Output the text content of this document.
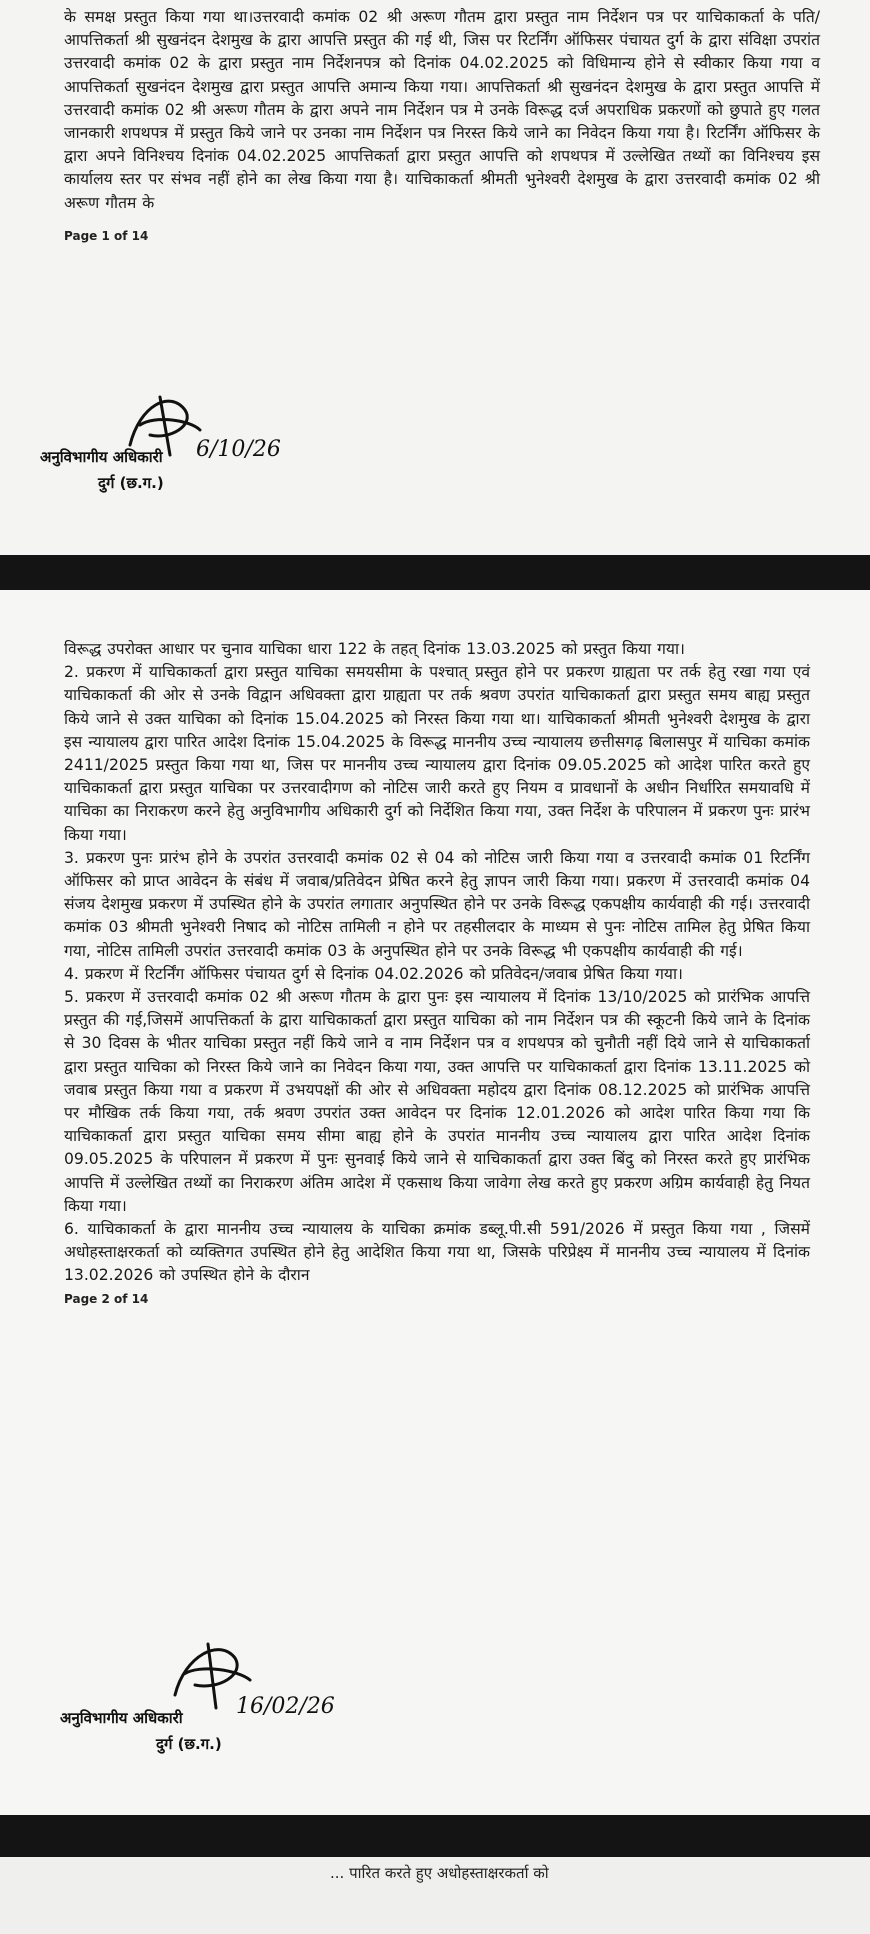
के समक्ष प्रस्तुत किया गया था।उत्तरवादी कमांक 02 श्री अरूण गौतम द्वारा प्रस्तुत नाम निर्देशन पत्र पर याचिकाकर्ता के पति/आपत्तिकर्ता श्री सुखनंदन देशमुख के द्वारा आपत्ति प्रस्तुत की गई थी, जिस पर रिटर्निंग ऑफिसर पंचायत दुर्ग के द्वारा संविक्षा उपरांत उत्तरवादी कमांक 02 के द्वारा प्रस्तुत नाम निर्देशनपत्र को दिनांक 04.02.2025 को विधिमान्य होने से स्वीकार किया गया व आपत्तिकर्ता सुखनंदन देशमुख द्वारा प्रस्तुत आपत्ति अमान्य किया गया। आपत्तिकर्ता श्री सुखनंदन देशमुख के द्वारा प्रस्तुत आपत्ति में उत्तरवादी कमांक 02 श्री अरूण गौतम के द्वारा अपने नाम निर्देशन पत्र मे उनके विरूद्ध दर्ज अपराधिक प्रकरणों को छुपाते हुए गलत जानकारी शपथपत्र में प्रस्तुत किये जाने पर उनका नाम निर्देशन पत्र निरस्त किये जाने का निवेदन किया गया है। रिटर्निंग ऑफिसर के द्वारा अपने विनिश्चय दिनांक 04.02.2025 आपत्तिकर्ता द्वारा प्रस्तुत आपत्ति को शपथपत्र में उल्लेखित तथ्यों का विनिश्चय इस कार्यालय स्तर पर संभव नहीं होने का लेख किया गया है। याचिकाकर्ता श्रीमती भुनेश्वरी देशमुख के द्वारा उत्तरवादी कमांक 02 श्री अरूण गौतम के

Page 1 of 14
अनुविभागीय अधिकारी 6/10/26
दुर्ग (छ.ग.)

विरूद्ध उपरोक्त आधार पर चुनाव याचिका धारा 122 के तहत् दिनांक 13.03.2025 को प्रस्तुत किया गया।

2. प्रकरण में याचिकाकर्ता द्वारा प्रस्तुत याचिका समयसीमा के पश्चात् प्रस्तुत होने पर प्रकरण ग्राह्यता पर तर्क हेतु रखा गया एवं याचिकाकर्ता की ओर से उनके विद्वान अधिवक्ता द्वारा ग्राह्यता पर तर्क श्रवण उपरांत याचिकाकर्ता द्वारा प्रस्तुत समय बाह्य प्रस्तुत किये जाने से उक्त याचिका को दिनांक 15.04.2025 को निरस्त किया गया था। याचिकाकर्ता श्रीमती भुनेश्वरी देशमुख के द्वारा इस न्यायालय द्वारा पारित आदेश दिनांक 15.04.2025 के विरूद्ध माननीय उच्च न्यायालय छत्तीसगढ़ बिलासपुर में याचिका कमांक 2411/2025 प्रस्तुत किया गया था, जिस पर माननीय उच्च न्यायालय द्वारा दिनांक 09.05.2025 को आदेश पारित करते हुए याचिकाकर्ता द्वारा प्रस्तुत याचिका पर उत्तरवादीगण को नोटिस जारी करते हुए नियम व प्रावधानों के अधीन निर्धारित समयावधि में याचिका का निराकरण करने हेतु अनुविभागीय अधिकारी दुर्ग को निर्देशित किया गया, उक्त निर्देश के परिपालन में प्रकरण पुनः प्रारंभ किया गया।

3. प्रकरण पुनः प्रारंभ होने के उपरांत उत्तरवादी कमांक 02 से 04 को नोटिस जारी किया गया व उत्तरवादी कमांक 01 रिटर्निंग ऑफिसर को प्राप्त आवेदन के संबंध में जवाब/प्रतिवेदन प्रेषित करने हेतु ज्ञापन जारी किया गया। प्रकरण में उत्तरवादी कमांक 04 संजय देशमुख प्रकरण में उपस्थित होने के उपरांत लगातार अनुपस्थित होने पर उनके विरूद्ध एकपक्षीय कार्यवाही की गई। उत्तरवादी कमांक 03 श्रीमती भुनेश्वरी निषाद को नोटिस तामिली न होने पर तहसीलदार के माध्यम से पुनः नोटिस तामिल हेतु प्रेषित किया गया, नोटिस तामिली उपरांत उत्तरवादी कमांक 03 के अनुपस्थित होने पर उनके विरूद्ध भी एकपक्षीय कार्यवाही की गई।

4. प्रकरण में रिटर्निंग ऑफिसर पंचायत दुर्ग से दिनांक 04.02.2026 को प्रतिवेदन/जवाब प्रेषित किया गया।

5. प्रकरण में उत्तरवादी कमांक 02 श्री अरूण गौतम के द्वारा पुनः इस न्यायालय में दिनांक 13/10/2025 को प्रारंभिक आपत्ति प्रस्तुत की गई,जिसमें आपत्तिकर्ता के द्वारा याचिकाकर्ता द्वारा प्रस्तुत याचिका को नाम निर्देशन पत्र की स्कूटनी किये जाने के दिनांक से 30 दिवस के भीतर याचिका प्रस्तुत नहीं किये जाने व नाम निर्देशन पत्र व शपथपत्र को चुनौती नहीं दिये जाने से याचिकाकर्ता द्वारा प्रस्तुत याचिका को निरस्त किये जाने का निवेदन किया गया, उक्त आपत्ति पर याचिकाकर्ता द्वारा दिनांक 13.11.2025 को जवाब प्रस्तुत किया गया व प्रकरण में उभयपक्षों की ओर से अधिवक्ता महोदय द्वारा दिनांक 08.12.2025 को प्रारंभिक आपत्ति पर मौखिक तर्क किया गया, तर्क श्रवण उपरांत उक्त आवेदन पर दिनांक 12.01.2026 को आदेश पारित किया गया कि याचिकाकर्ता द्वारा प्रस्तुत याचिका समय सीमा बाह्य होने के उपरांत माननीय उच्च न्यायालय द्वारा पारित आदेश दिनांक 09.05.2025 के परिपालन में प्रकरण में पुनः सुनवाई किये जाने से याचिकाकर्ता द्वारा उक्त बिंदु को निरस्त करते हुए प्रारंभिक आपत्ति में उल्लेखित तथ्यों का निराकरण अंतिम आदेश में एकसाथ किया जावेगा लेख करते हुए प्रकरण अग्रिम कार्यवाही हेतु नियत किया गया।

6. याचिकाकर्ता के द्वारा माननीय उच्च न्यायालय के याचिका क्रमांक डब्लू.पी.सी 591/2026 में प्रस्तुत किया गया , जिसमें अधोहस्ताक्षरकर्ता को व्यक्तिगत उपस्थित होने हेतु आदेशित किया गया था, जिसके परिप्रेक्ष्य में माननीय उच्च न्यायालय में दिनांक 13.02.2026 को उपस्थित होने के दौरान

Page 2 of 14
अनुविभागीय अधिकारी 16/02/26
दुर्ग (छ.ग.)
... पारित करते हुए अधोहस्ताक्षरकर्ता को
